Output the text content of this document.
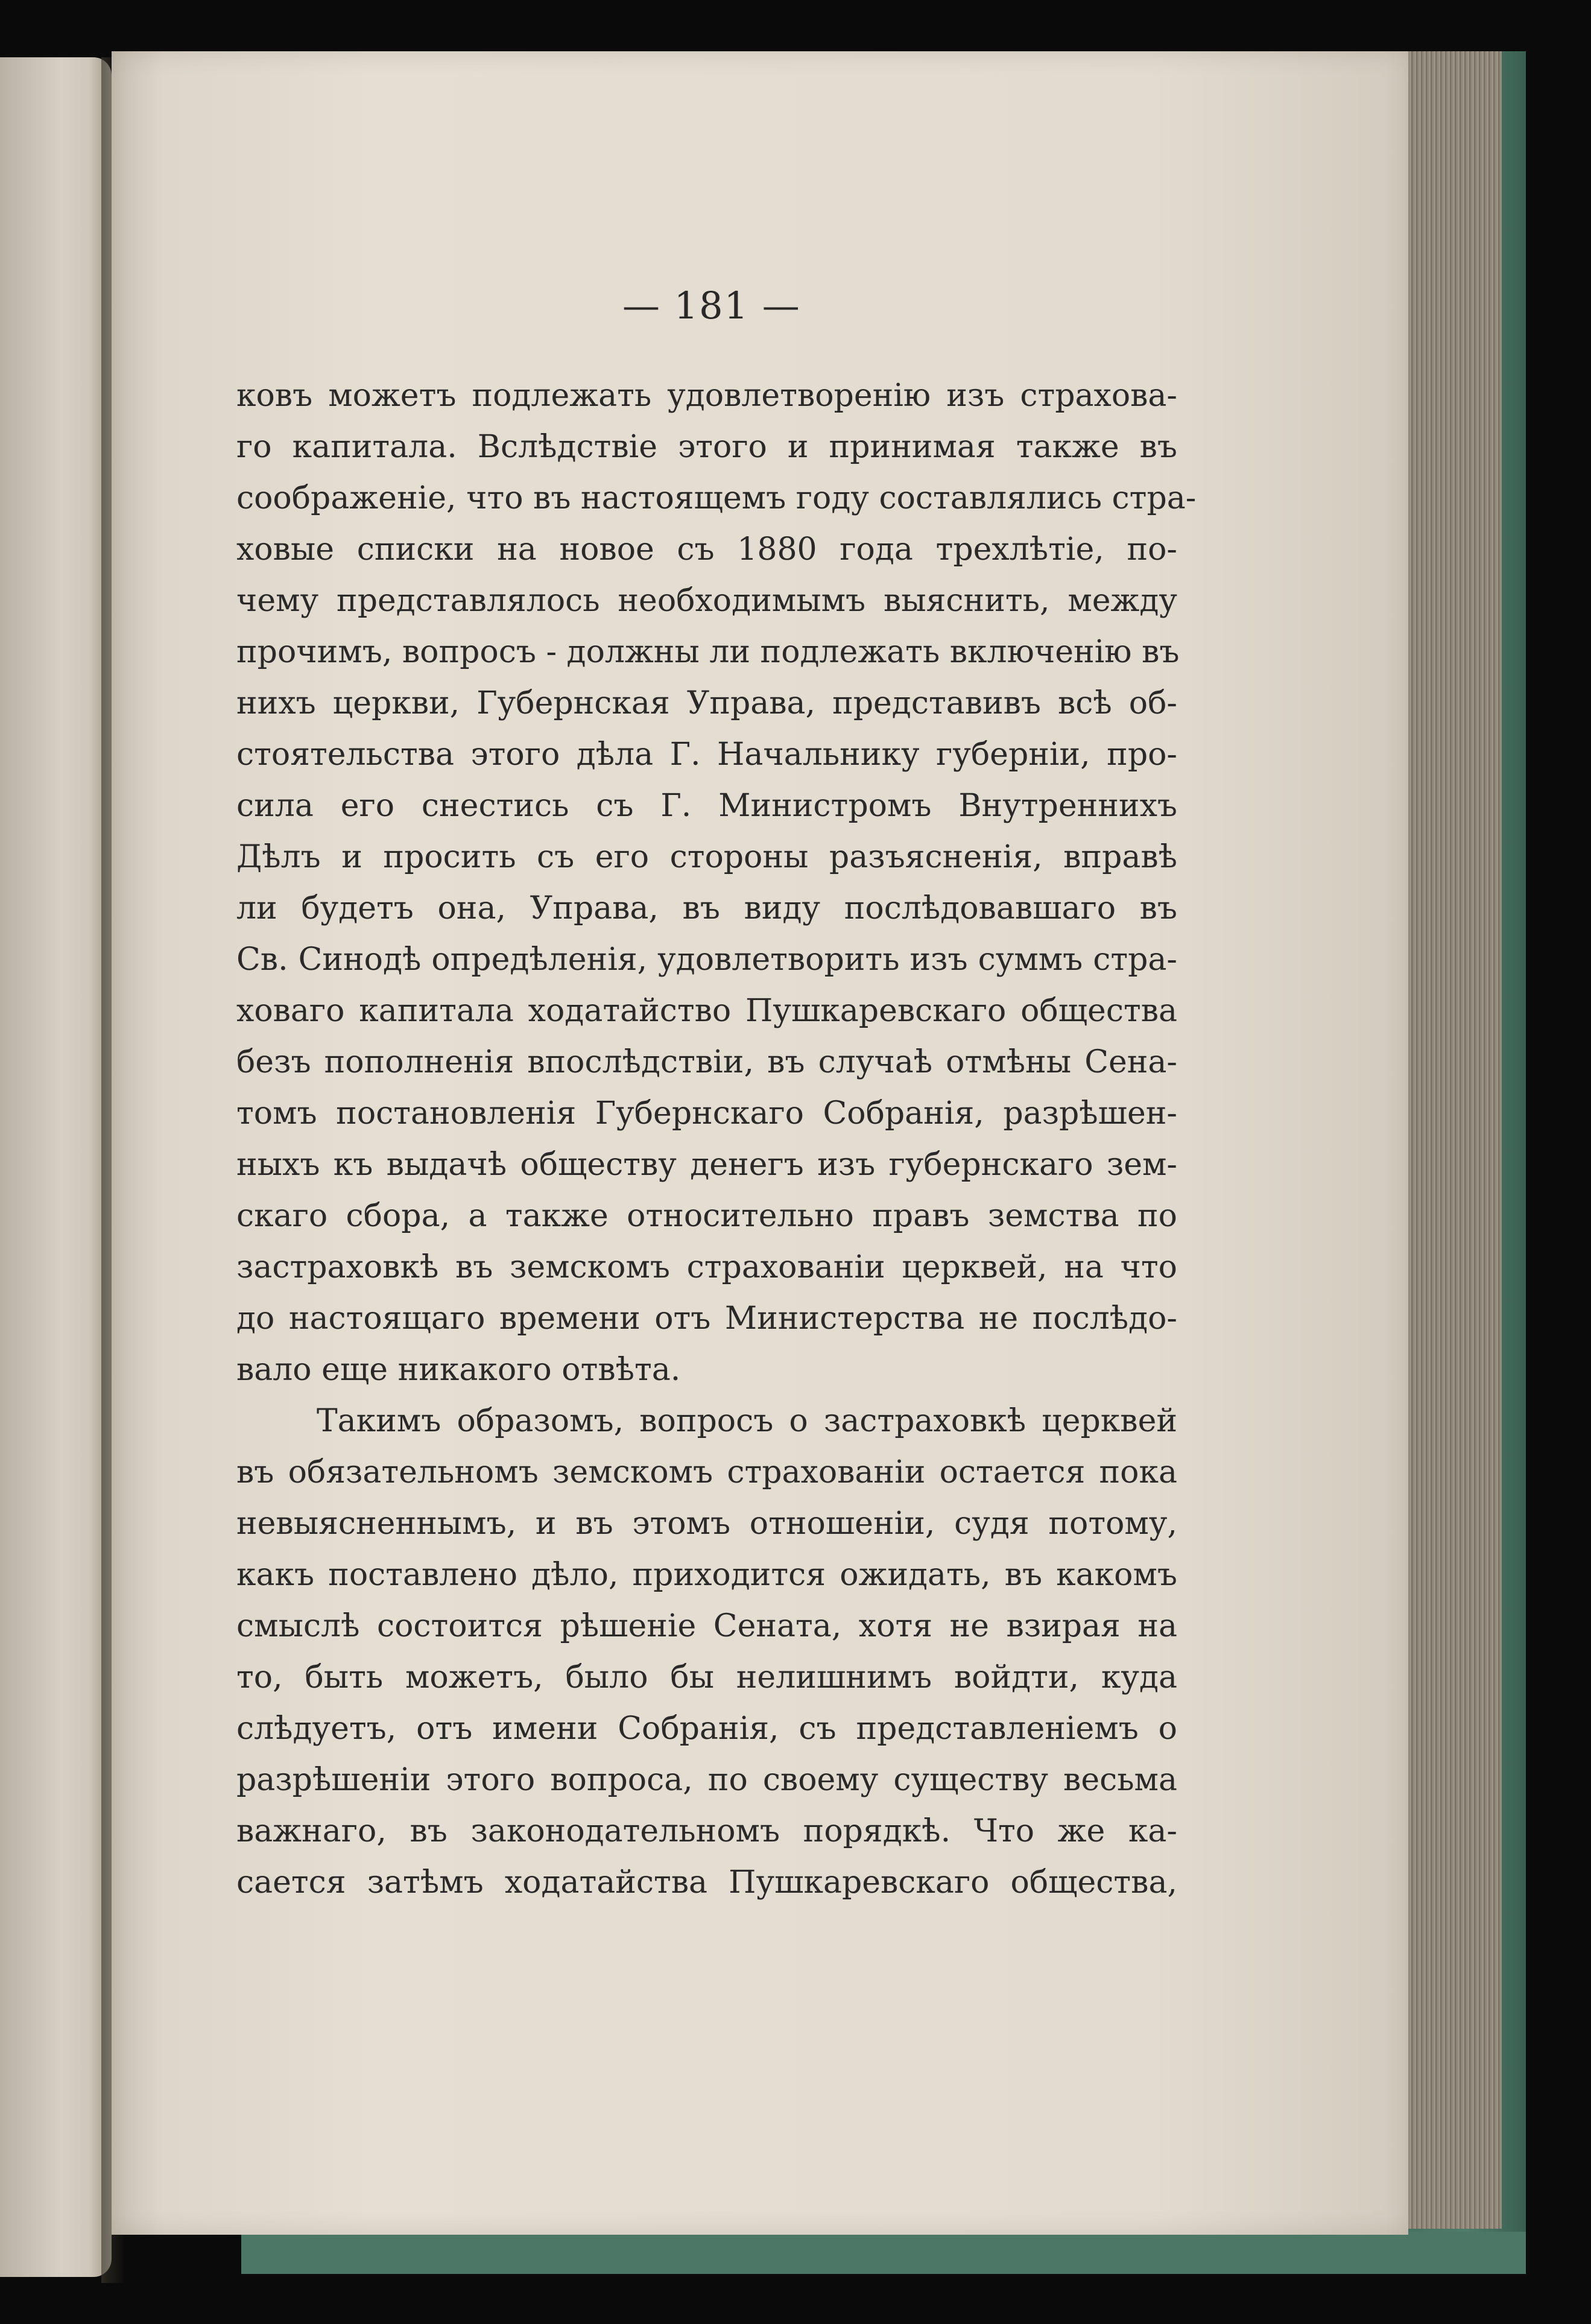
— 181 —
ковъ можетъ подлежать удовлетворенiю изъ страхова-
го капитала. Вслѣдствiе этого и принимая также въ
соображенiе, что въ настоящемъ году составлялись стра-
ховые списки на новое съ 1880 года трехлѣтiе, по-
чему представлялось необходимымъ выяснить, между
прочимъ, вопросъ - должны ли подлежать включенiю въ
нихъ церкви, Губернская Управа, представивъ всѣ об-
стоятельства этого дѣла Г. Начальнику губернiи, про-
сила его снестись съ Г. Министромъ Внутреннихъ
Дѣлъ и просить съ его стороны разъясненiя, вправѣ
ли будетъ она, Управа, въ виду послѣдовавшаго въ
Св. Синодѣ опредѣленiя, удовлетворить изъ суммъ стра-
ховаго капитала ходатайство Пушкаревскаго общества
безъ пополненiя впослѣдствiи, въ случаѣ отмѣны Сена-
томъ постановленiя Губернскаго Собранiя, разрѣшен-
ныхъ къ выдачѣ обществу денегъ изъ губернскаго зем-
скаго сбора, а также относительно правъ земства по
застраховкѣ въ земскомъ страхованiи церквей, на что
до настоящаго времени отъ Министерства не послѣдо-
вало еще никакого отвѣта.
Такимъ образомъ, вопросъ о застраховкѣ церквей
въ обязательномъ земскомъ страхованiи остается пока
невыясненнымъ, и въ этомъ отношенiи, судя потому,
какъ поставлено дѣло, приходится ожидать, въ какомъ
смыслѣ состоится рѣшенiе Сената, хотя не взирая на
то, быть можетъ, было бы нелишнимъ войдти, куда
слѣдуетъ, отъ имени Собранiя, съ представленiемъ о
разрѣшенiи этого вопроса, по своему существу весьма
важнаго, въ законодательномъ порядкѣ. Что же ка-
сается затѣмъ ходатайства Пушкаревскаго общества,
